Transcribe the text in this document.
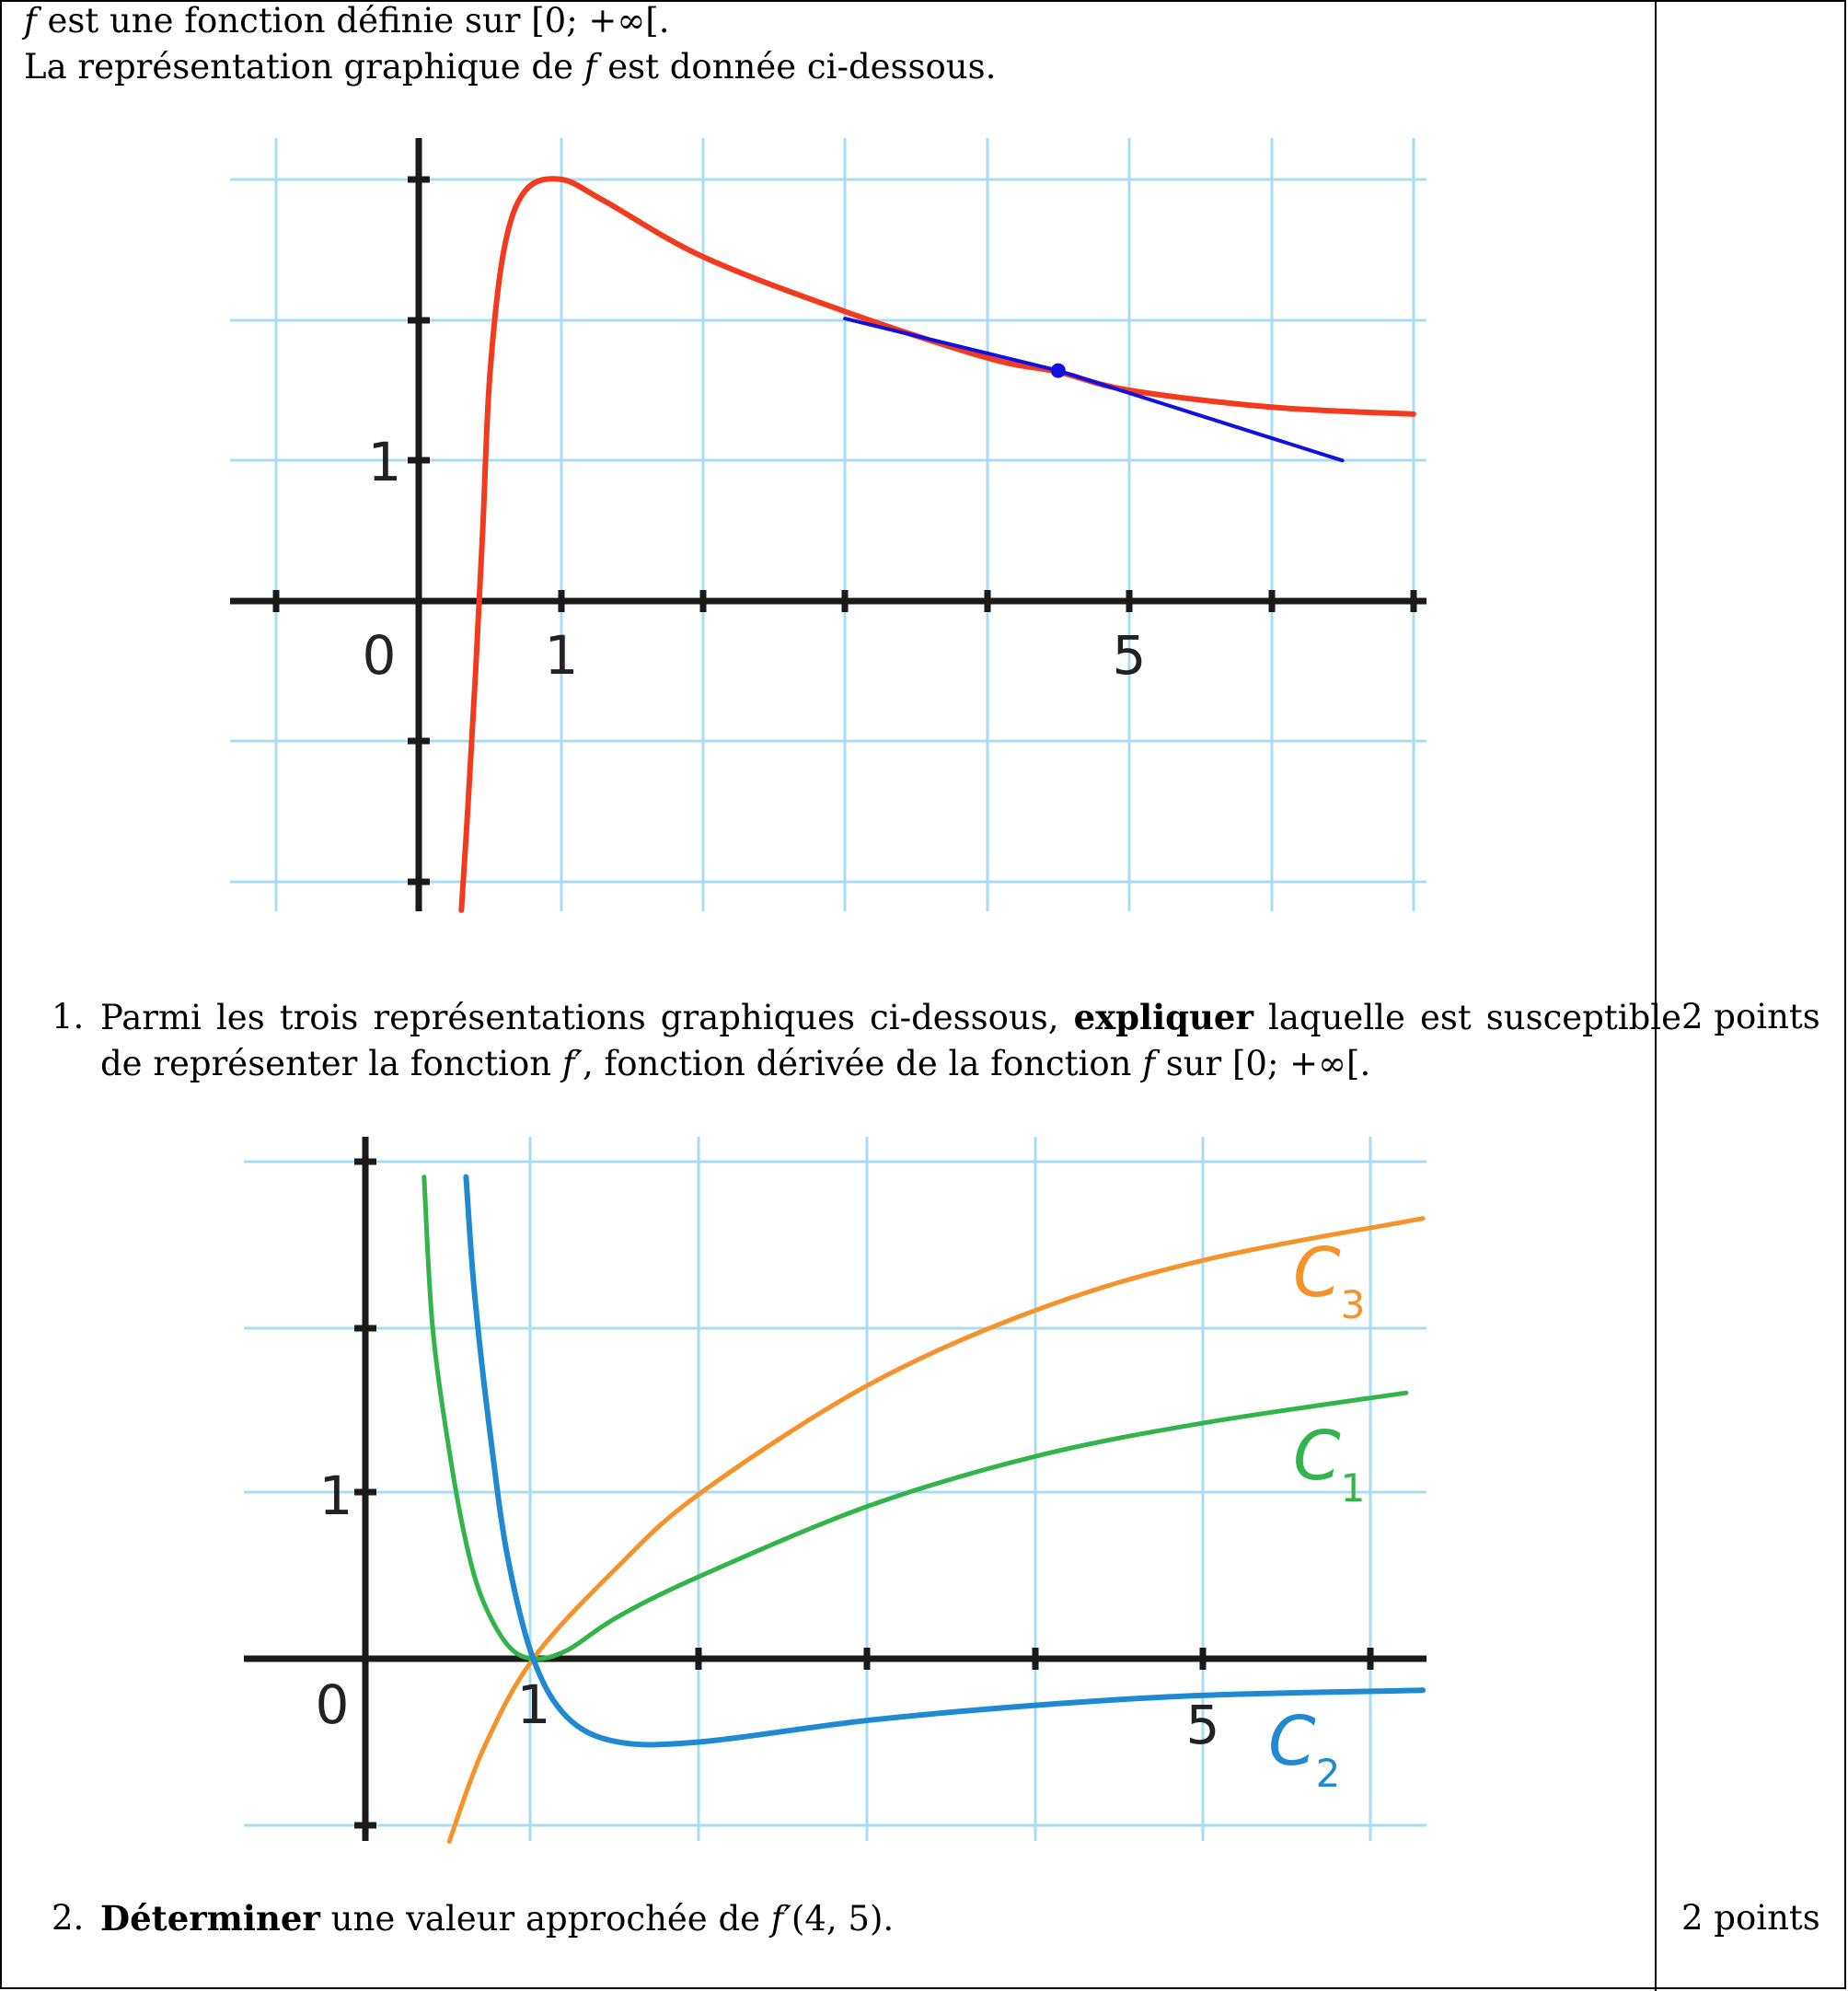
f est une fonction définie sur [0; +∞[.
La représentation graphique de f est donnée ci-dessous.
0	1	5
1
1. Parmi les trois représentations graphiques ci-dessous, expliquer laquelle est susceptible de représenter la fonction f′, fonction dérivée de la fonction f sur [0; +∞[.
2 points
0	1	5
1
$C_3$
$C_1$
$C_2$
2. Déterminer une valeur approchée de f′(4, 5).	2 points
